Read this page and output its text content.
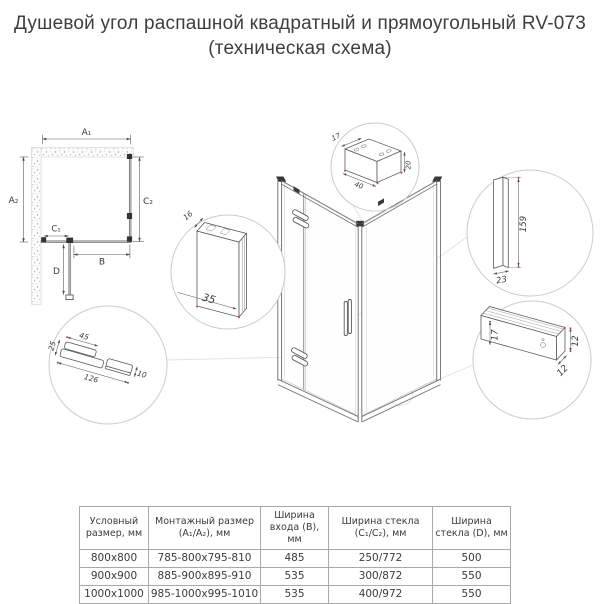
Душевой угол распашной квадратный и прямоугольный RV-073
(техническая схема)
A₁
A₂	C₂
C₁
B
D
17
20
40
16
35
159
23
45
25
126	10
17
12
12
Условный размер, мм	Монтажный размер (A₁/A₂), мм	Ширина входа (B), мм	Ширина стекла (C₁/C₂), мм	Ширина стекла (D), мм
800x800	785-800x795-810	485	250/772	500
900x900	885-900x895-910	535	300/872	550
1000x1000	985-1000x995-1010	535	400/972	550
